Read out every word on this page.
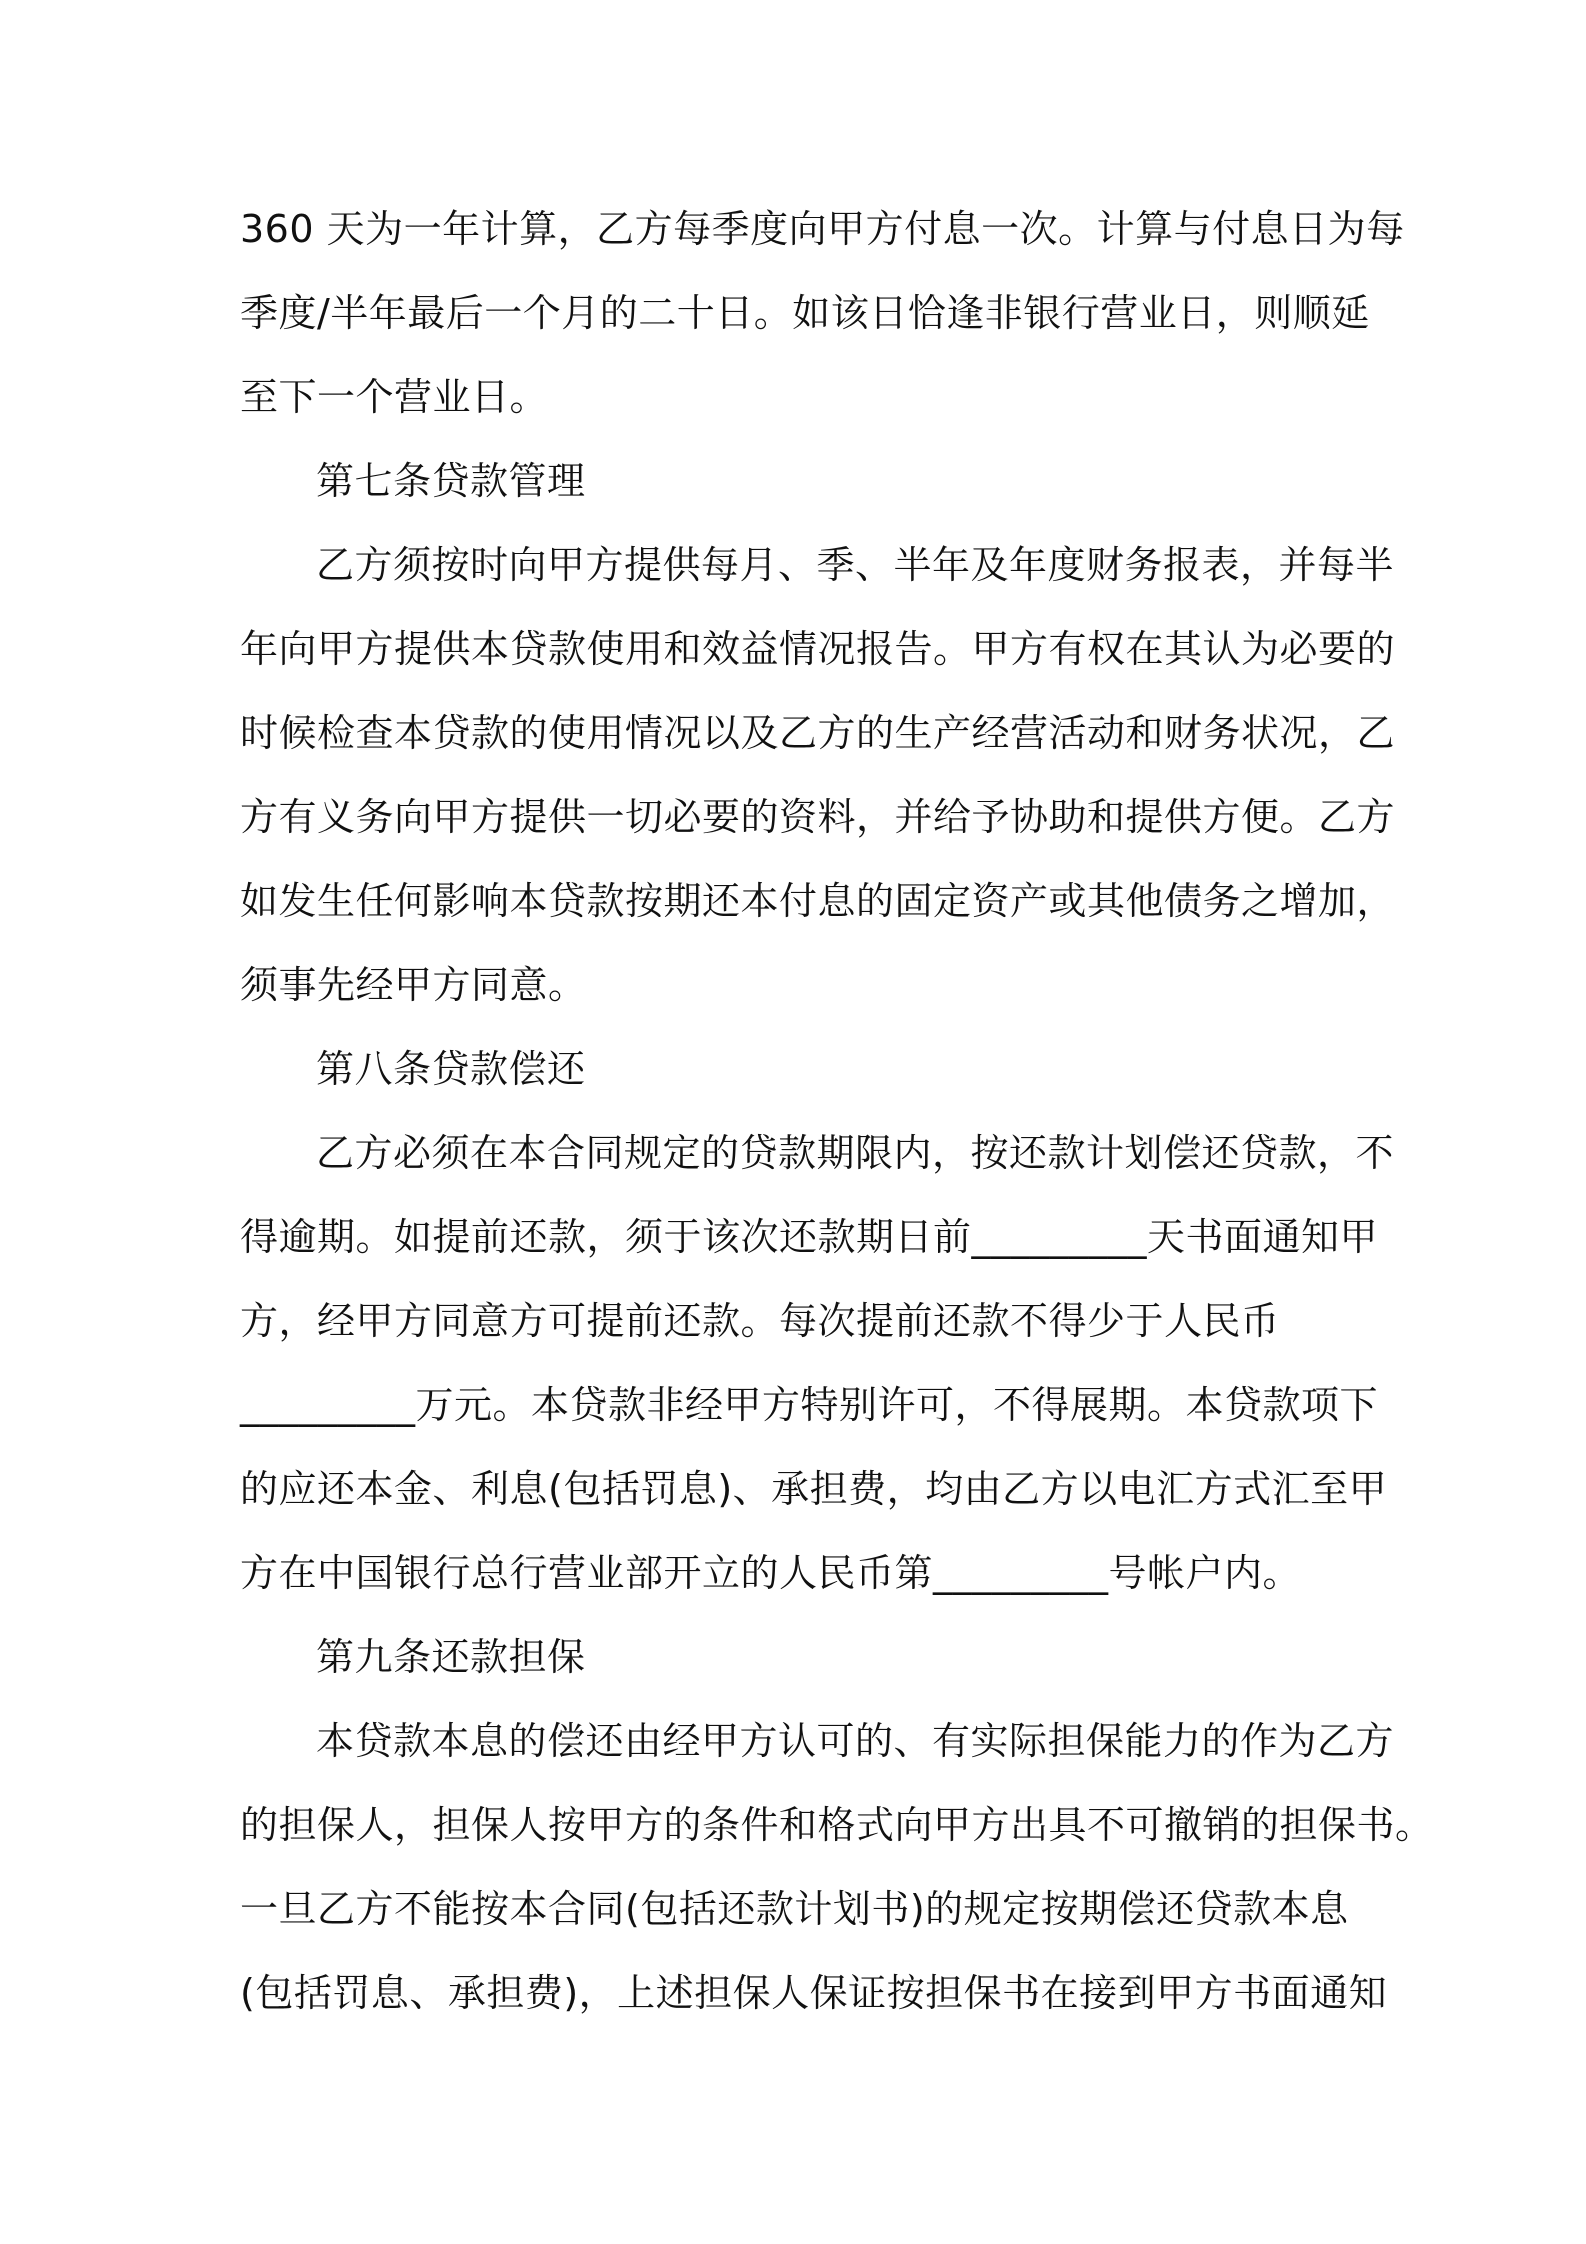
360 天为一年计算，乙方每季度向甲方付息一次。计算与付息日为每
季度/半年最后一个月的二十日。如该日恰逢非银行营业日，则顺延
至下一个营业日。
第七条贷款管理
乙方须按时向甲方提供每月、季、半年及年度财务报表，并每半
年向甲方提供本贷款使用和效益情况报告。甲方有权在其认为必要的
时候检查本贷款的使用情况以及乙方的生产经营活动和财务状况，乙
方有义务向甲方提供一切必要的资料，并给予协助和提供方便。乙方
如发生任何影响本贷款按期还本付息的固定资产或其他债务之增加，
须事先经甲方同意。
第八条贷款偿还
乙方必须在本合同规定的贷款期限内，按还款计划偿还贷款，不
得逾期。如提前还款，须于该次还款期日前_________天书面通知甲
方，经甲方同意方可提前还款。每次提前还款不得少于人民币
_________万元。本贷款非经甲方特别许可，不得展期。本贷款项下
的应还本金、利息(包括罚息)、承担费，均由乙方以电汇方式汇至甲
方在中国银行总行营业部开立的人民币第_________号帐户内。
第九条还款担保
本贷款本息的偿还由经甲方认可的、有实际担保能力的作为乙方
的担保人，担保人按甲方的条件和格式向甲方出具不可撤销的担保书。
一旦乙方不能按本合同(包括还款计划书)的规定按期偿还贷款本息
(包括罚息、承担费)，上述担保人保证按担保书在接到甲方书面通知
